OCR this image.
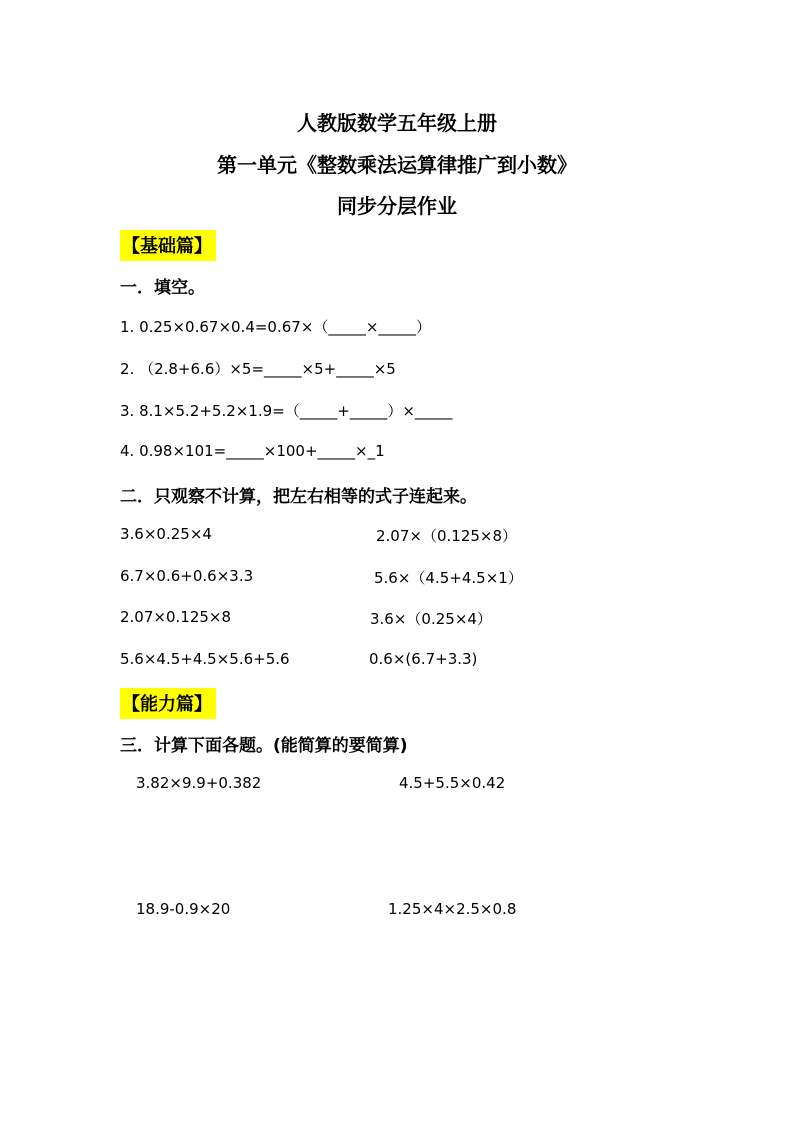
人教版数学五年级上册
第一单元《整数乘法运算律推广到小数》
同步分层作业
【基础篇】
一．填空。
1. 0.25×0.67×0.4=0.67×（_____×_____）
2. （2.8+6.6）×5=_____×5+_____×5
3. 8.1×5.2+5.2×1.9=（_____+_____）×_____
4. 0.98×101=_____×100+_____×_1
二．只观察不计算，把左右相等的式子连起来。
3.6×0.25×4	2.07×（0.125×8）
6.7×0.6+0.6×3.3	5.6×（4.5+4.5×1）
2.07×0.125×8	3.6×（0.25×4）
5.6×4.5+4.5×5.6+5.6	0.6×(6.7+3.3)
【能力篇】
三．计算下面各题。(能简算的要简算)
3.82×9.9+0.382	4.5+5.5×0.42
18.9-0.9×20	1.25×4×2.5×0.8
